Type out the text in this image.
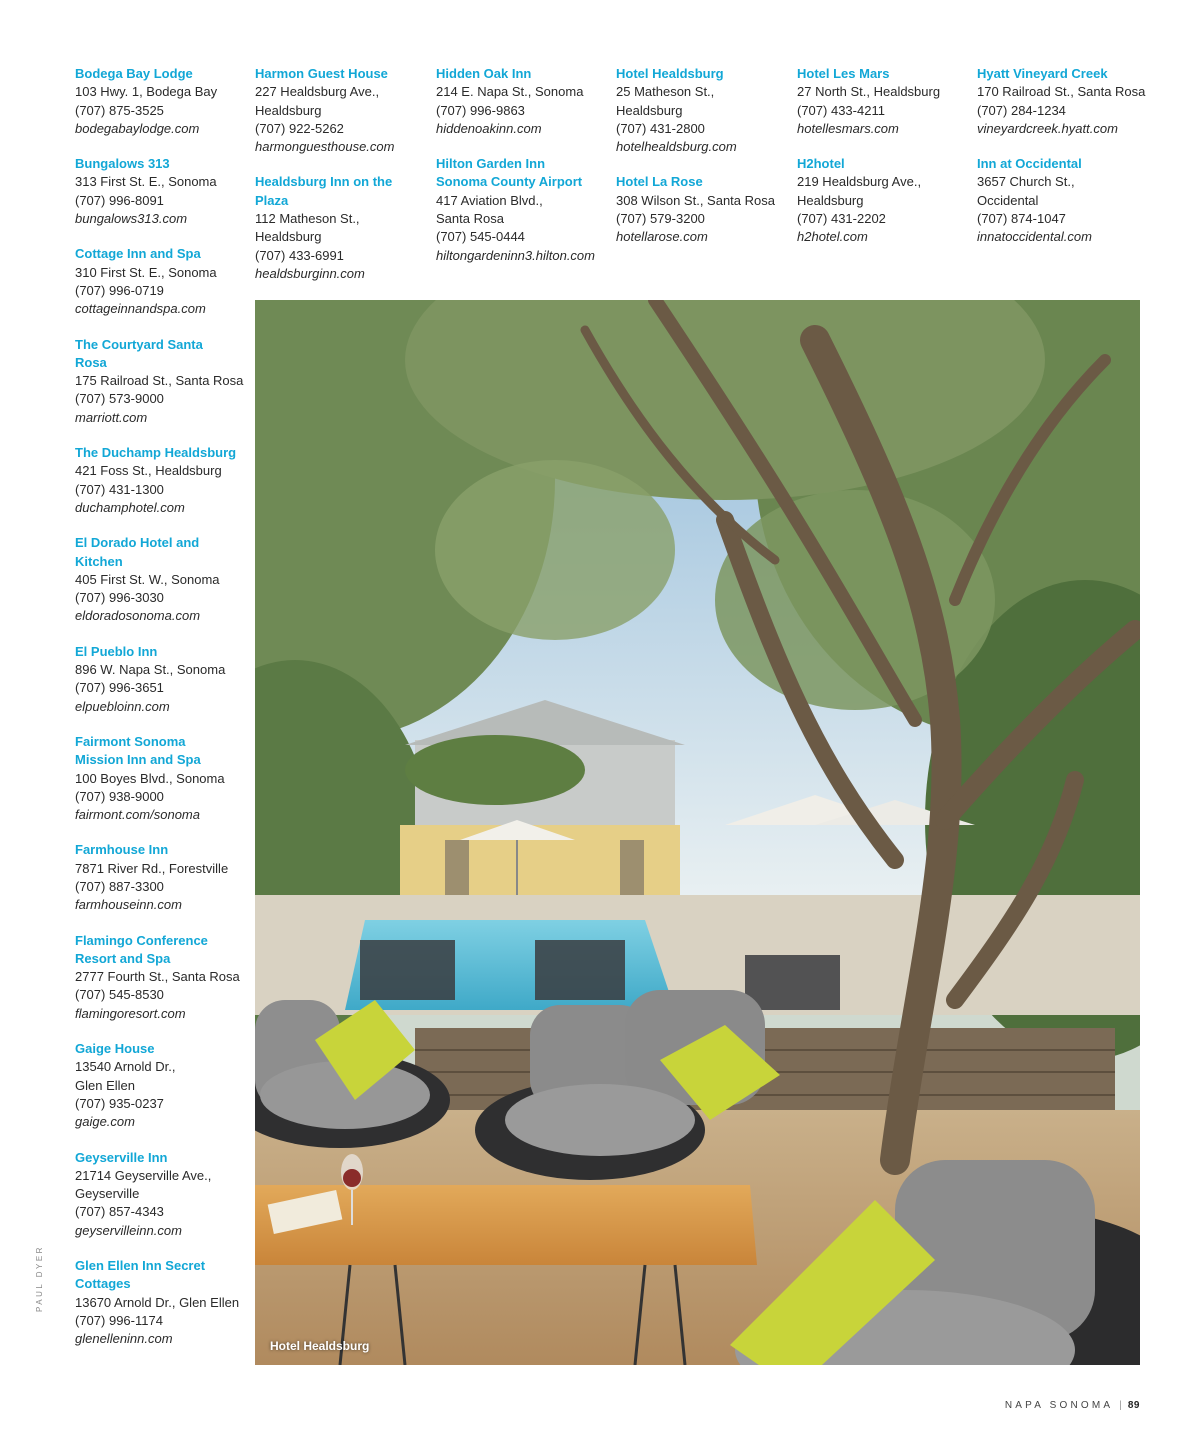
Bodega Bay Lodge
103 Hwy. 1, Bodega Bay
(707) 875-3525
bodegabaylodge.com
Bungalows 313
313 First St. E., Sonoma
(707) 996-8091
bungalows313.com
Cottage Inn and Spa
310 First St. E., Sonoma
(707) 996-0719
cottageinnandspa.com
The Courtyard Santa Rosa
175 Railroad St., Santa Rosa
(707) 573-9000
marriott.com
The Duchamp Healdsburg
421 Foss St., Healdsburg
(707) 431-1300
duchamphotel.com
El Dorado Hotel and Kitchen
405 First St. W., Sonoma
(707) 996-3030
eldoradosonoma.com
El Pueblo Inn
896 W. Napa St., Sonoma
(707) 996-3651
elpuebloinn.com
Fairmont Sonoma Mission Inn and Spa
100 Boyes Blvd., Sonoma
(707) 938-9000
fairmont.com/sonoma
Farmhouse Inn
7871 River Rd., Forestville
(707) 887-3300
farmhouseinn.com
Flamingo Conference Resort and Spa
2777 Fourth St., Santa Rosa
(707) 545-8530
flamingoresort.com
Gaige House
13540 Arnold Dr.,
Glen Ellen
(707) 935-0237
gaige.com
Geyserville Inn
21714 Geyserville Ave.,
Geyserville
(707) 857-4343
geyservilleinn.com
Glen Ellen Inn Secret Cottages
13670 Arnold Dr., Glen Ellen
(707) 996-1174
glenelleninn.com
Harmon Guest House
227 Healdsburg Ave.,
Healdsburg
(707) 922-5262
harmonguesthouse.com
Healdsburg Inn on the Plaza
112 Matheson St.,
Healdsburg
(707) 433-6991
healdsburginn.com
Hidden Oak Inn
214 E. Napa St., Sonoma
(707) 996-9863
hiddenoakinn.com
Hilton Garden Inn Sonoma County Airport
417 Aviation Blvd.,
Santa Rosa
(707) 545-0444
hiltongardeninn3.hilton.com
Hotel Healdsburg
25 Matheson St.,
Healdsburg
(707) 431-2800
hotelhealdsburg.com
Hotel La Rose
308 Wilson St., Santa Rosa
(707) 579-3200
hotellarose.com
Hotel Les Mars
27 North St., Healdsburg
(707) 433-4211
hotellesmars.com
H2hotel
219 Healdsburg Ave.,
Healdsburg
(707) 431-2202
h2hotel.com
Hyatt Vineyard Creek
170 Railroad St., Santa Rosa
(707) 284-1234
vineyardcreek.hyatt.com
Inn at Occidental
3657 Church St.,
Occidental
(707) 874-1047
innatoccidental.com
Hotel Healdsburg
PAUL DYER
NAPA SONOMA | 89
